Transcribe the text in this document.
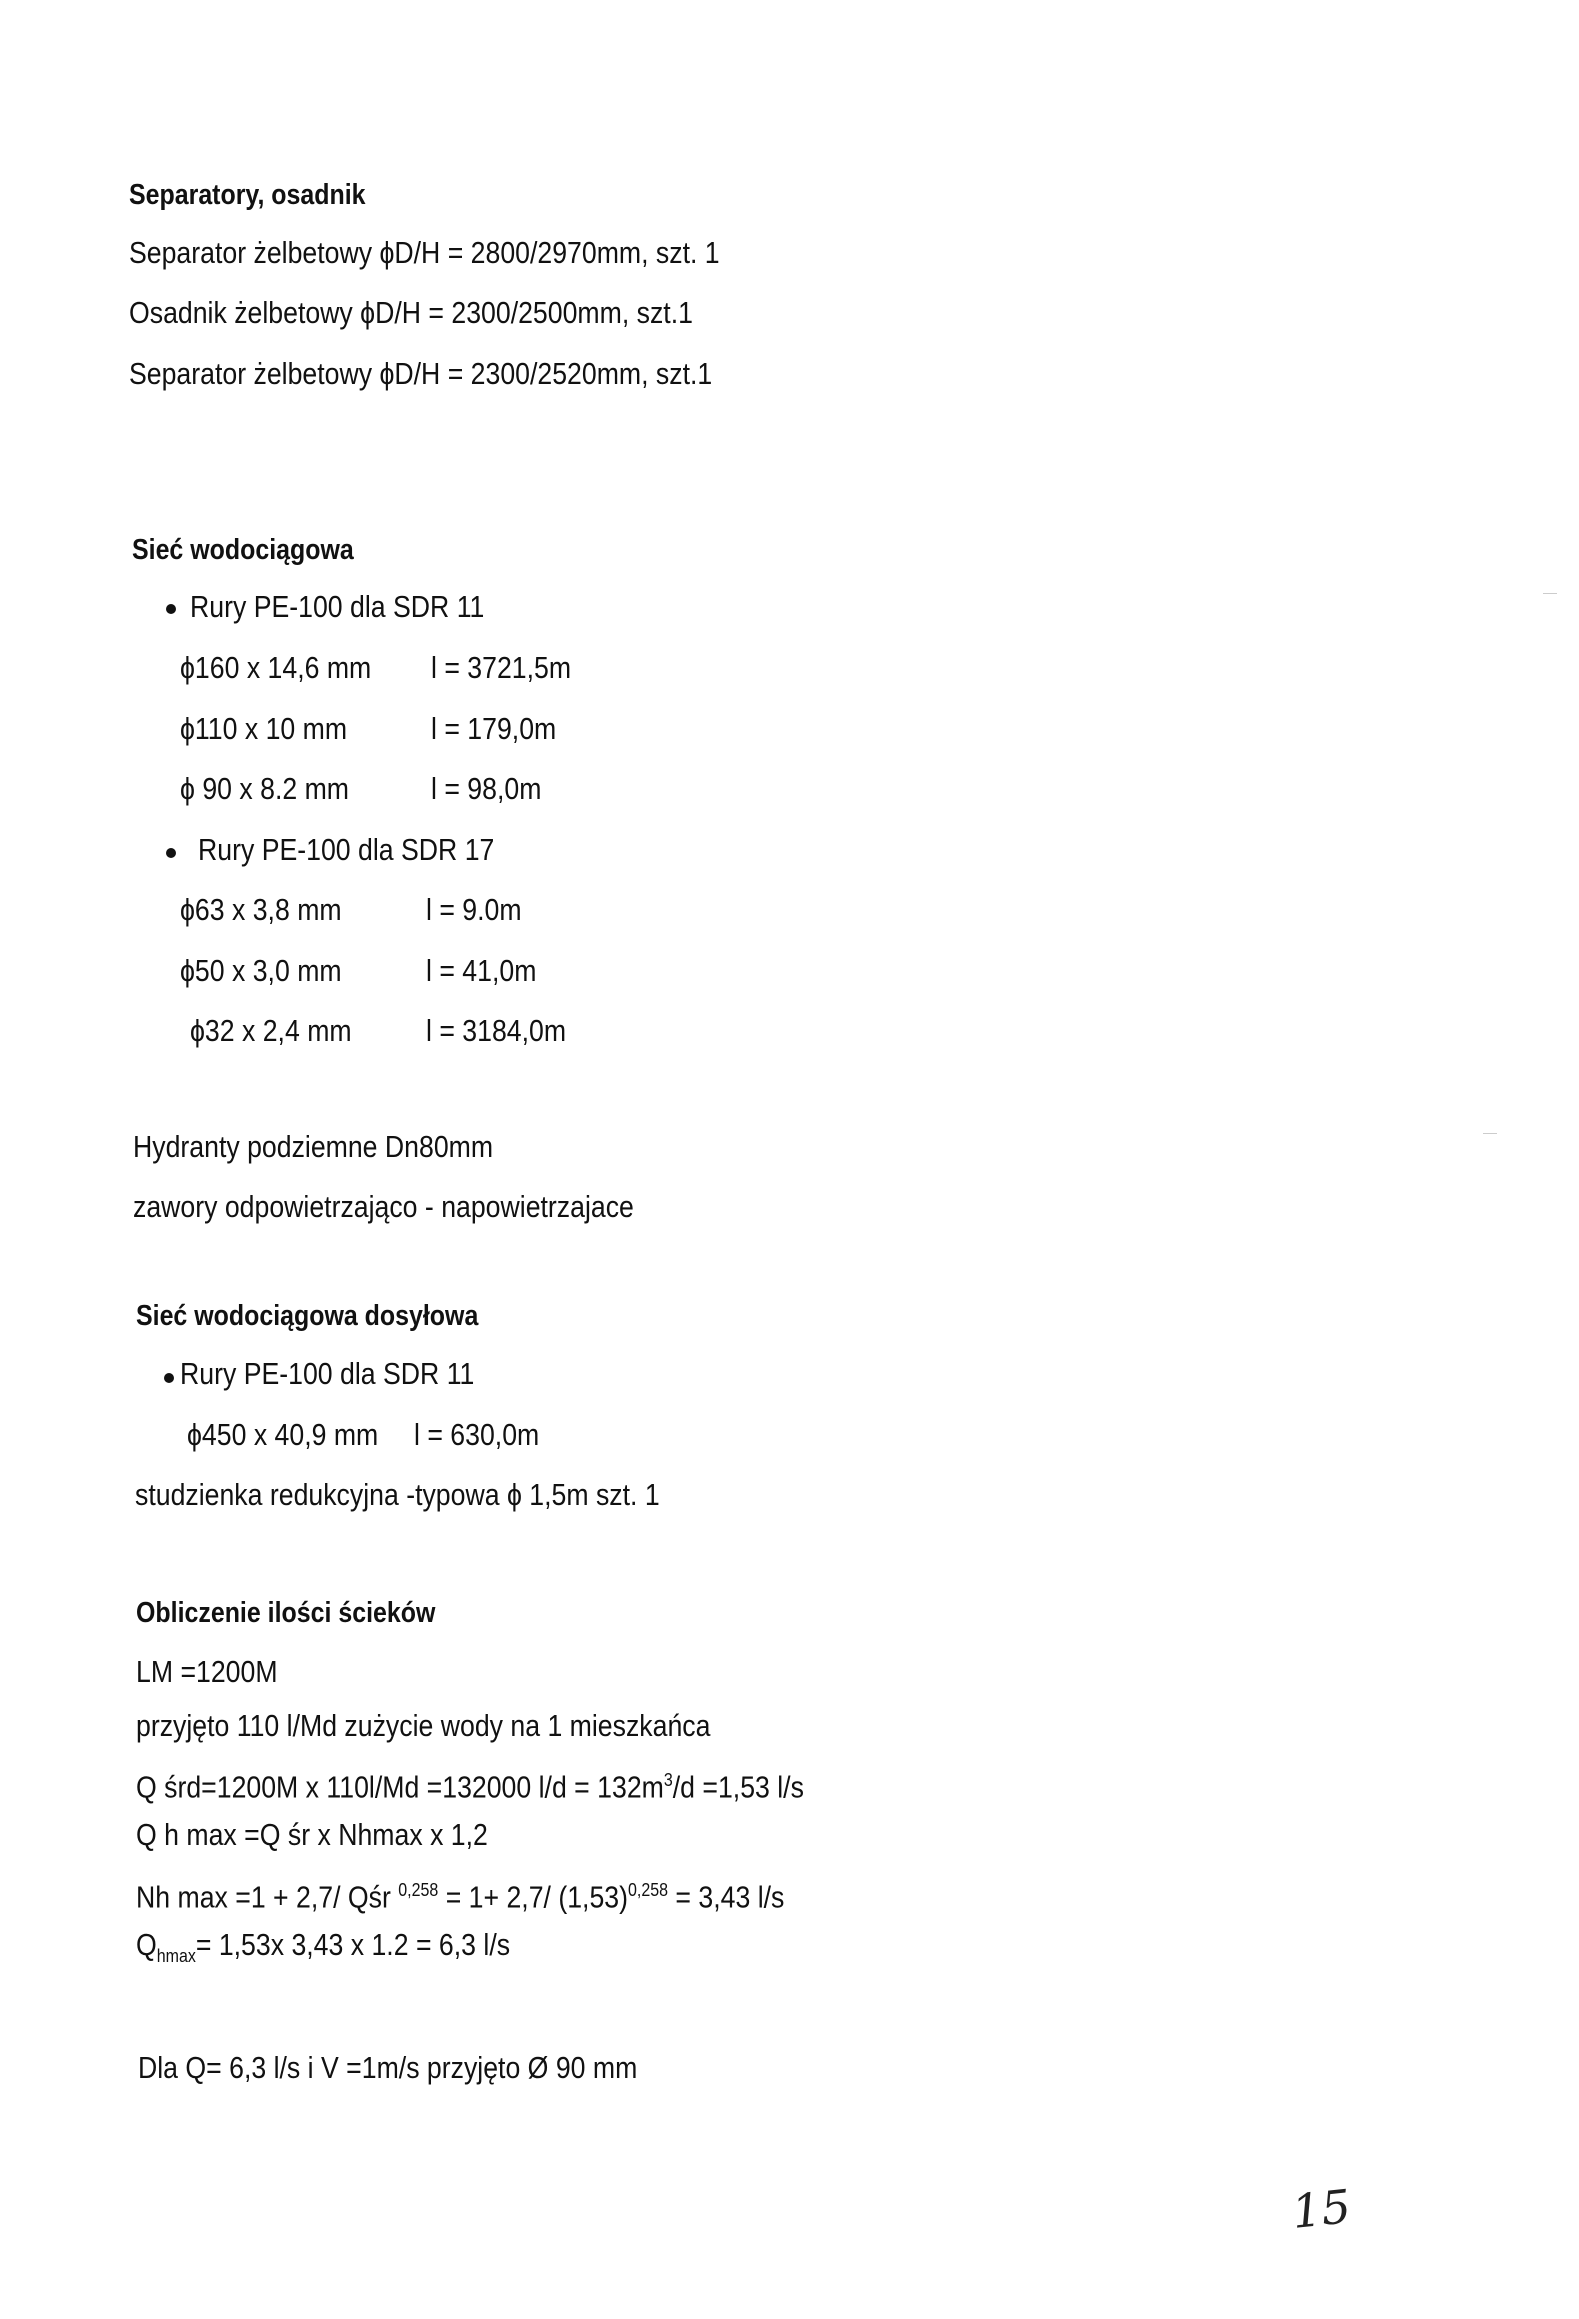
Separatory, osadnik
Separator żelbetowy ϕD/H = 2800/2970mm, szt. 1
Osadnik żelbetowy ϕD/H = 2300/2500mm, szt.1
Separator żelbetowy ϕD/H = 2300/2520mm, szt.1
Sieć wodociągowa
Rury PE-100 dla SDR 11
ϕ160 x 14,6 mm l = 3721,5m
ϕ110 x 10 mm	l = 179,0m
ϕ 90 x 8.2 mm	l = 98,0m
Rury PE-100 dla SDR 17
ϕ63 x 3,8 mm	l = 9.0m
ϕ50 x 3,0 mm	l = 41,0m
ϕ32 x 2,4 mm l = 3184,0m
Hydranty podziemne Dn80mm
zawory odpowietrzająco - napowietrzajace
Sieć wodociągowa dosyłowa
Rury PE-100 dla SDR 11
ϕ450 x 40,9 mm l = 630,0m
studzienka redukcyjna -typowa ϕ 1,5m szt. 1
Obliczenie ilości ścieków
LM =1200M
przyjęto 110 l/Md zużycie wody na 1 mieszkańca
Q śrd=1200M x 110l/Md =132000 $l/d = 132m^3/d =1,53$ l/s
Q h max =Q śr x Nhmax x 1,2
Nh max =1 + 2,7/ Qśr $^{0,258}$ = 1+ 2,7/ $(1,53)^{0,258} = 3,43$ l/s
$Q_{hmax}= 1,53x$ 3,43 x 1.2 = 6,3 l/s
Dla Q= 6,3 l/s i V =1m/s przyjęto Ø 90 mm
15
